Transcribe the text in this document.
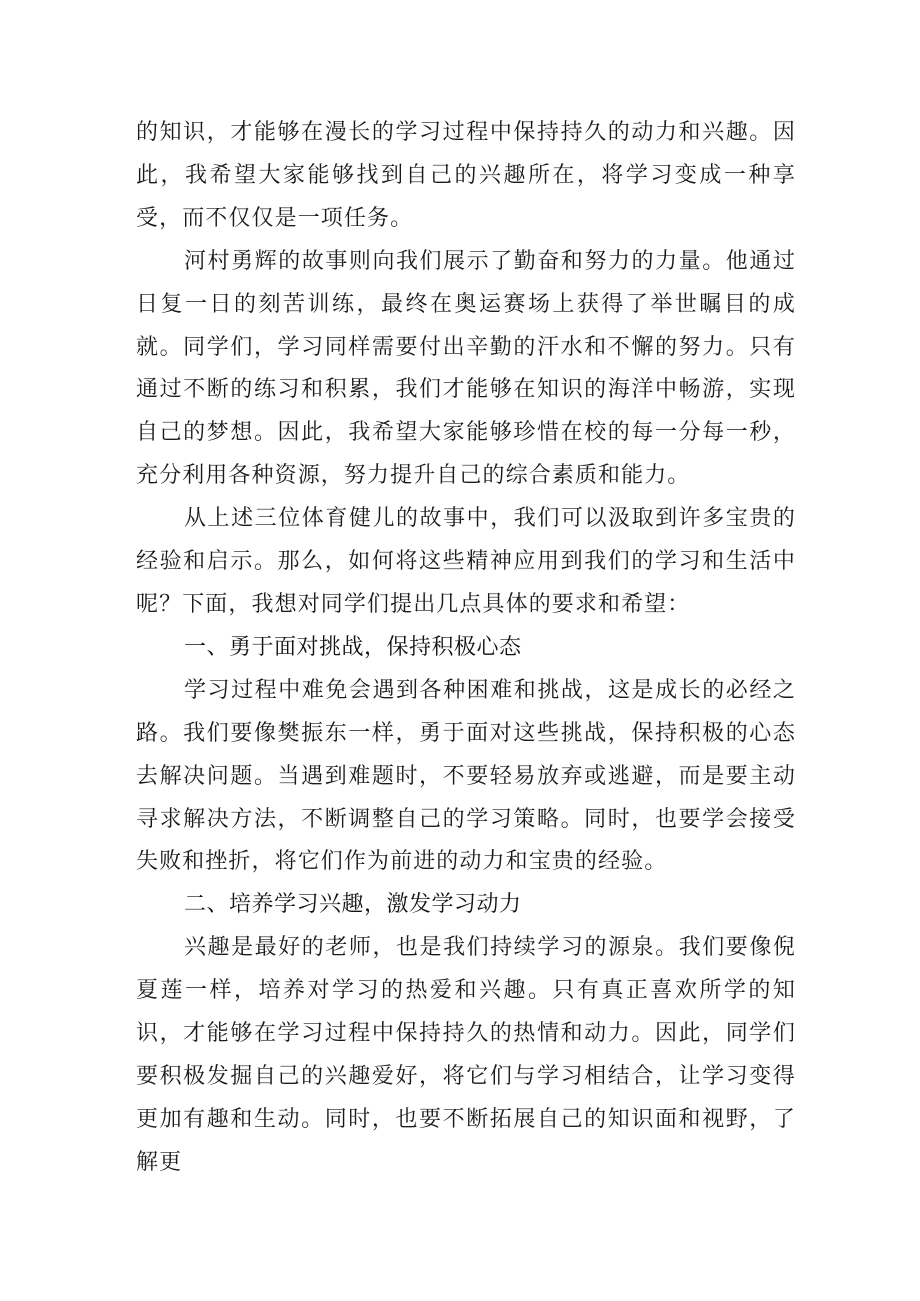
的知识，才能够在漫长的学习过程中保持持久的动力和兴趣。因此，我希望大家能够找到自己的兴趣所在，将学习变成一种享受，而不仅仅是一项任务。

河村勇辉的故事则向我们展示了勤奋和努力的力量。他通过日复一日的刻苦训练，最终在奥运赛场上获得了举世瞩目的成就。同学们，学习同样需要付出辛勤的汗水和不懈的努力。只有通过不断的练习和积累，我们才能够在知识的海洋中畅游，实现自己的梦想。因此，我希望大家能够珍惜在校的每一分每一秒，充分利用各种资源，努力提升自己的综合素质和能力。

从上述三位体育健儿的故事中，我们可以汲取到许多宝贵的经验和启示。那么，如何将这些精神应用到我们的学习和生活中呢？下面，我想对同学们提出几点具体的要求和希望：

一、勇于面对挑战，保持积极心态

学习过程中难免会遇到各种困难和挑战，这是成长的必经之路。我们要像樊振东一样，勇于面对这些挑战，保持积极的心态去解决问题。当遇到难题时，不要轻易放弃或逃避，而是要主动寻求解决方法，不断调整自己的学习策略。同时，也要学会接受失败和挫折，将它们作为前进的动力和宝贵的经验。

二、培养学习兴趣，激发学习动力

兴趣是最好的老师，也是我们持续学习的源泉。我们要像倪夏莲一样，培养对学习的热爱和兴趣。只有真正喜欢所学的知识，才能够在学习过程中保持持久的热情和动力。因此，同学们要积极发掘自己的兴趣爱好，将它们与学习相结合，让学习变得更加有趣和生动。同时，也要不断拓展自己的知识面和视野，了解更
